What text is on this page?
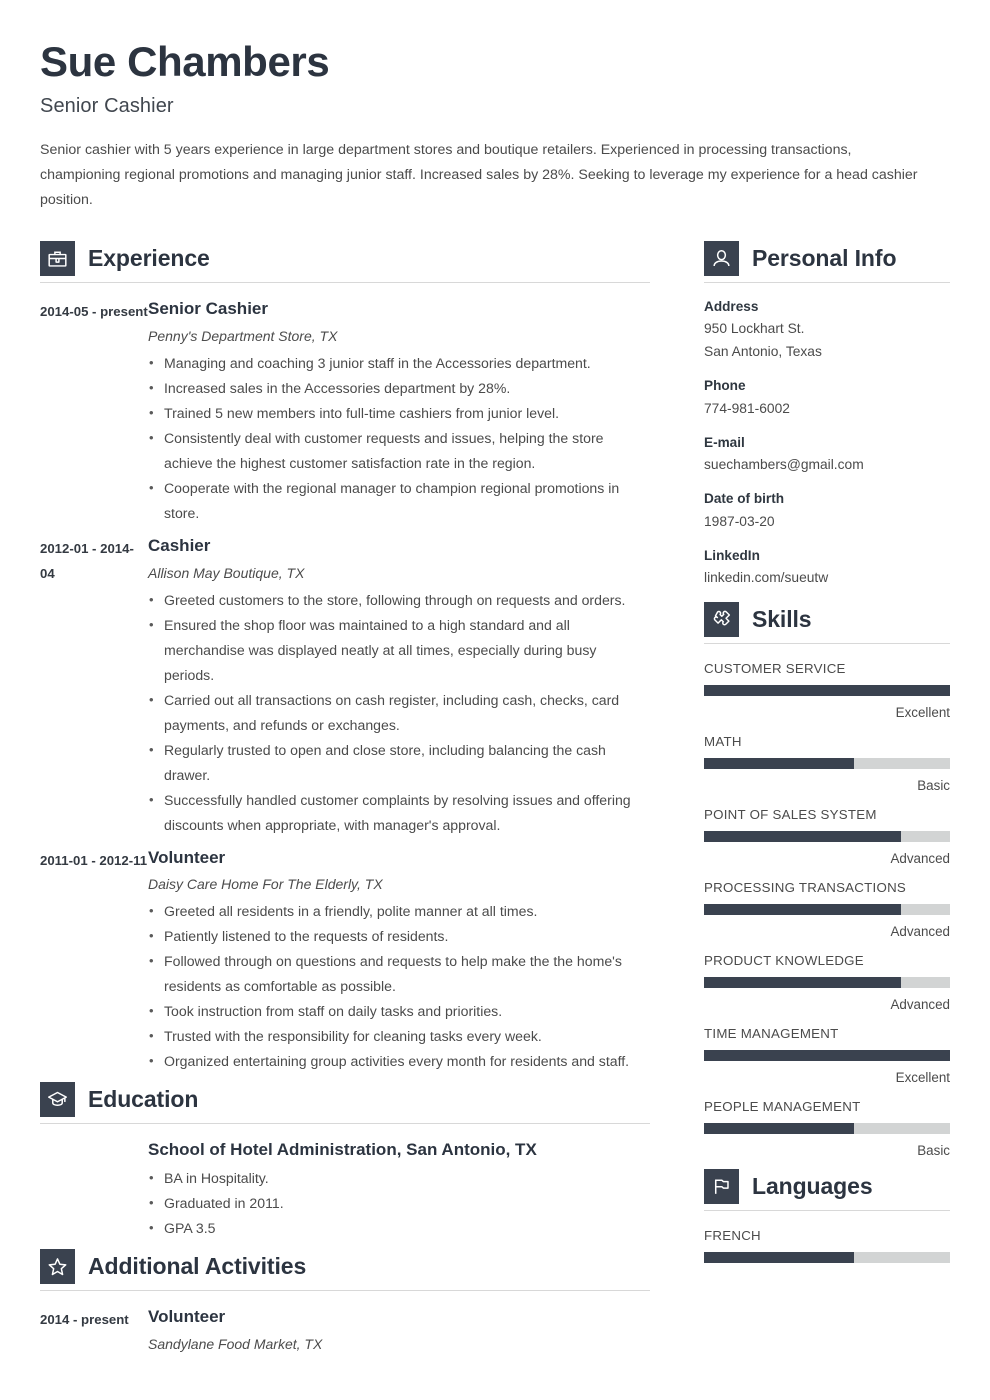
Sue Chambers
Senior Cashier

Senior cashier with 5 years experience in large department stores and boutique retailers. Experienced in processing transactions, championing regional promotions and managing junior staff. Increased sales by 28%. Seeking to leverage my experience for a head cashier position.

Experience
2014-05 - present Senior Cashier
Penny's Department Store, TX
• Managing and coaching 3 junior staff in the Accessories department.
• Increased sales in the Accessories department by 28%.
• Trained 5 new members into full-time cashiers from junior level.
• Consistently deal with customer requests and issues, helping the store achieve the highest customer satisfaction rate in the region.
• Cooperate with the regional manager to champion regional promotions in store.
2012-01 - 2014-04
Cashier
Allison May Boutique, TX
• Greeted customers to the store, following through on requests and orders.
• Ensured the shop floor was maintained to a high standard and all merchandise was displayed neatly at all times, especially during busy periods.
• Carried out all transactions on cash register, including cash, checks, card payments, and refunds or exchanges.
• Regularly trusted to open and close store, including balancing the cash drawer.
• Successfully handled customer complaints by resolving issues and offering discounts when appropriate, with manager's approval.
2011-01 - 2012-11 Volunteer
Daisy Care Home For The Elderly, TX
• Greeted all residents in a friendly, polite manner at all times.
• Patiently listened to the requests of residents.
• Followed through on questions and requests to help make the the home's residents as comfortable as possible.
• Took instruction from staff on daily tasks and priorities.
• Trusted with the responsibility for cleaning tasks every week.
• Organized entertaining group activities every month for residents and staff.
Education
School of Hotel Administration, San Antonio, TX
• BA in Hospitality.
• Graduated in 2011.
• GPA 3.5
Additional Activities
2014 - present	Volunteer
Sandylane Food Market, TX
Personal Info
Address
950 Lockhart St.
San Antonio, Texas
Phone
774-981-6002
E-mail
suechambers@gmail.com
Date of birth
1987-03-20
LinkedIn
linkedin.com/sueutw
Skills
CUSTOMER SERVICE
Excellent
MATH
Basic
POINT OF SALES SYSTEM
Advanced
PROCESSING TRANSACTIONS
Advanced
PRODUCT KNOWLEDGE
Advanced
TIME MANAGEMENT
Excellent
PEOPLE MANAGEMENT
Basic
Languages
FRENCH
